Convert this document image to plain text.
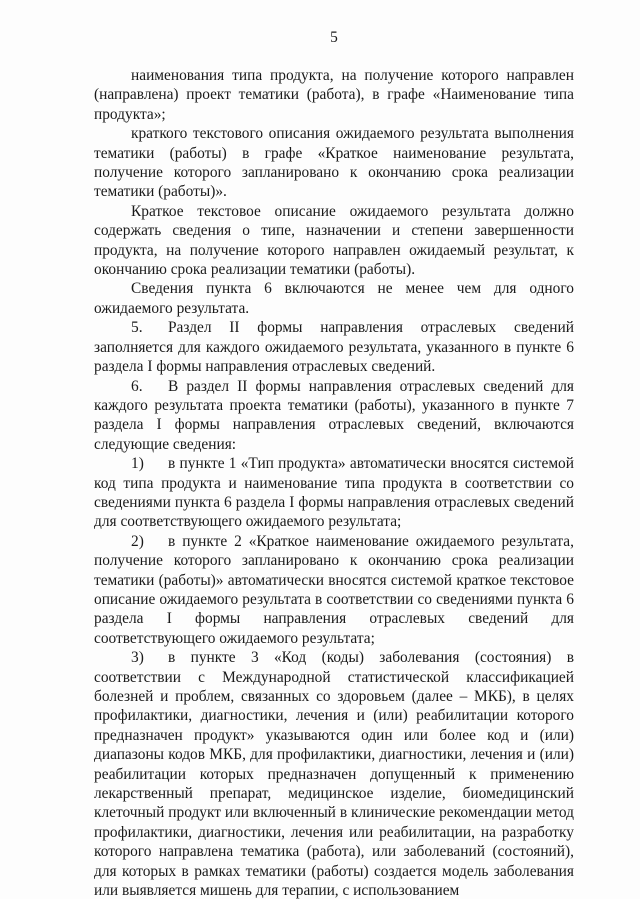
5

наименования типа продукта, на получение которого направлен (направлена) проект тематики (работа), в графе «Наименование типа продукта»;

краткого текстового описания ожидаемого результата выполнения тематики (работы) в графе «Краткое наименование результата, получение которого запланировано к окончанию срока реализации тематики (работы)».

Краткое текстовое описание ожидаемого результата должно содержать сведения о типе, назначении и степени завершенности продукта, на получение которого направлен ожидаемый результат, к окончанию срока реализации тематики (работы).

Сведения пункта 6 включаются не менее чем для одного ожидаемого результата.

5. Раздел II формы направления отраслевых сведений заполняется для каждого ожидаемого результата, указанного в пункте 6 раздела I формы направления отраслевых сведений.

6. В раздел II формы направления отраслевых сведений для каждого результата проекта тематики (работы), указанного в пункте 7 раздела I формы направления отраслевых сведений, включаются следующие сведения:

1) в пункте 1 «Тип продукта» автоматически вносятся системой код типа продукта и наименование типа продукта в соответствии со сведениями пункта 6 раздела I формы направления отраслевых сведений для соответствующего ожидаемого результата;

2) в пункте 2 «Краткое наименование ожидаемого результата, получение которого запланировано к окончанию срока реализации тематики (работы)» автоматически вносятся системой краткое текстовое описание ожидаемого результата в соответствии со сведениями пункта 6 раздела I формы направления отраслевых сведений для соответствующего ожидаемого результата;

3) в пункте 3 «Код (коды) заболевания (состояния) в соответствии с Международной статистической классификацией болезней и проблем, связанных со здоровьем (далее – МКБ), в целях профилактики, диагностики, лечения и (или) реабилитации которого предназначен продукт» указываются один или более код и (или) диапазоны кодов МКБ, для профилактики, диагностики, лечения и (или) реабилитации которых предназначен допущенный к применению лекарственный препарат, медицинское изделие, биомедицинский клеточный продукт или включенный в клинические рекомендации метод профилактики, диагностики, лечения или реабилитации, на разработку которого направлена тематика (работа), или заболеваний (состояний), для которых в рамках тематики (работы) создается модель заболевания или выявляется мишень для терапии, с использованием
